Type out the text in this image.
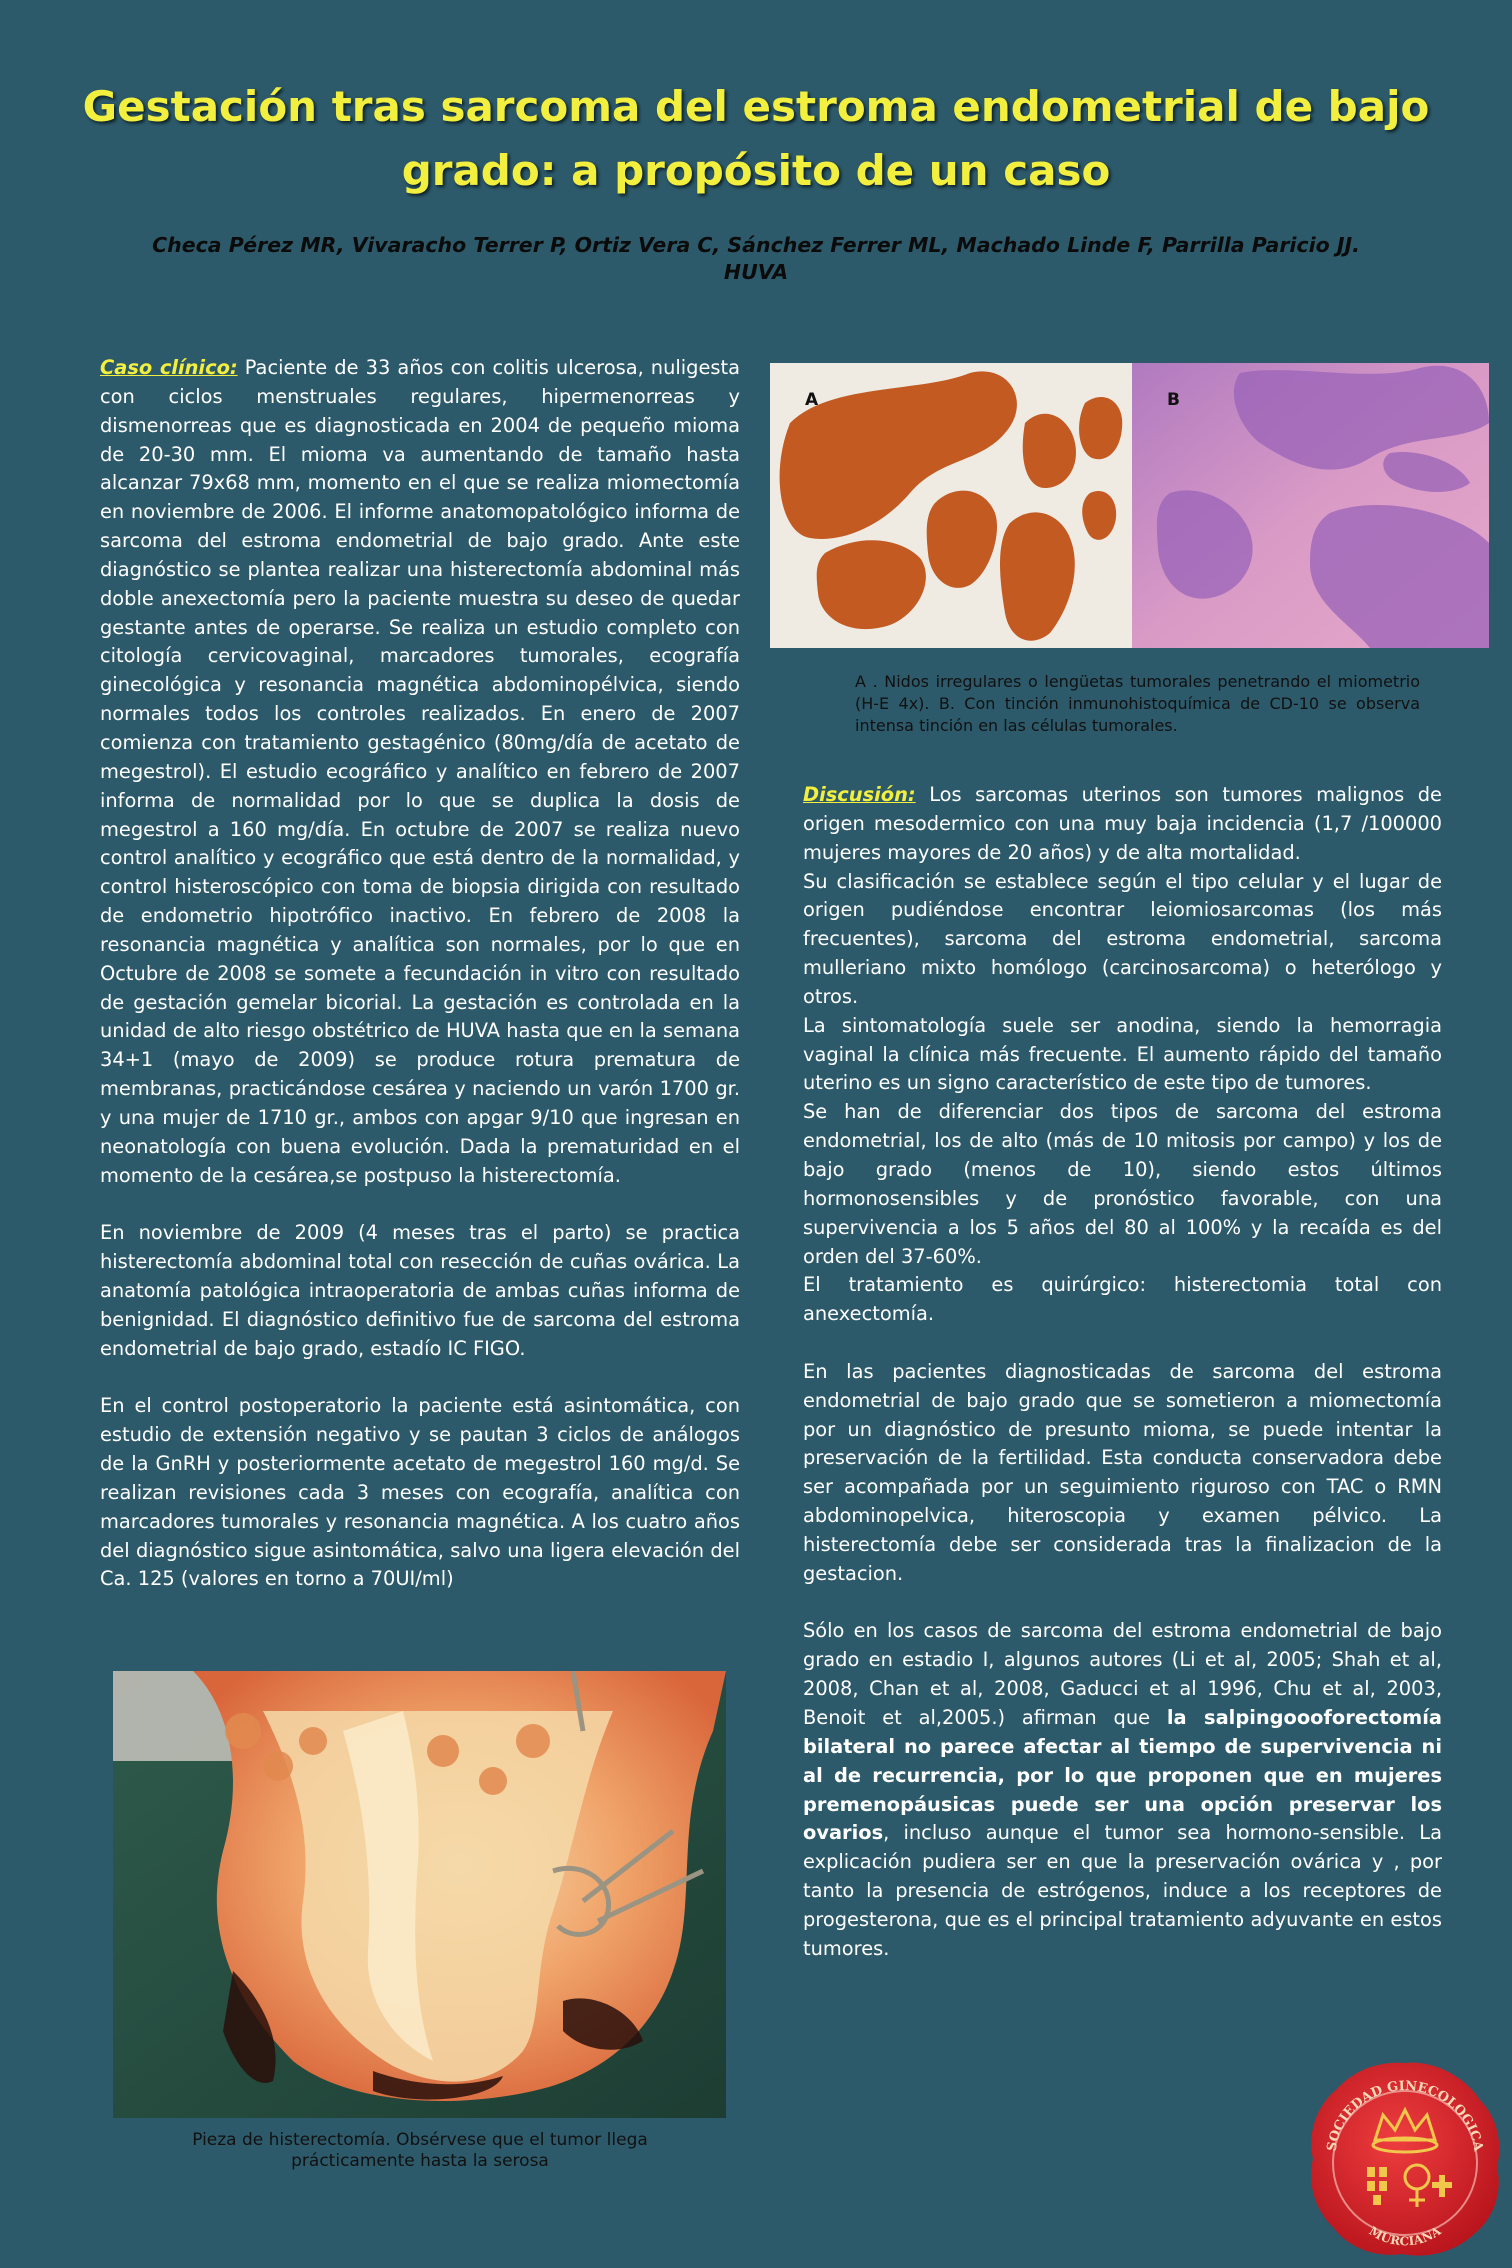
Gestación tras sarcoma del estroma endometrial de bajo grado: a propósito de un caso
Checa Pérez MR, Vivaracho Terrer P, Ortiz Vera C, Sánchez Ferrer ML, Machado Linde F, Parrilla Paricio JJ.
HUVA

Caso clínico: Paciente de 33 años con colitis ulcerosa, nuligesta con ciclos menstruales regulares, hipermenorreas y dismenorreas que es diagnosticada en 2004 de pequeño mioma de 20-30 mm. El mioma va aumentando de tamaño hasta alcanzar 79x68 mm, momento en el que se realiza miomectomía en noviembre de 2006. El informe anatomopatológico informa de sarcoma del estroma endometrial de bajo grado. Ante este diagnóstico se plantea realizar una histerectomía abdominal más doble anexectomía pero la paciente muestra su deseo de quedar gestante antes de operarse. Se realiza un estudio completo con citología cervicovaginal, marcadores tumorales, ecografía ginecológica y resonancia magnética abdominopélvica, siendo normales todos los controles realizados. En enero de 2007 comienza con tratamiento gestagénico (80mg/día de acetato de megestrol). El estudio ecográfico y analítico en febrero de 2007 informa de normalidad por lo que se duplica la dosis de megestrol a 160 mg/día. En octubre de 2007 se realiza nuevo control analítico y ecográfico que está dentro de la normalidad, y control histeroscópico con toma de biopsia dirigida con resultado de endometrio hipotrófico inactivo. En febrero de 2008 la resonancia magnética y analítica son normales, por lo que en Octubre de 2008 se somete a fecundación in vitro con resultado de gestación gemelar bicorial. La gestación es controlada en la unidad de alto riesgo obstétrico de HUVA hasta que en la semana 34+1 (mayo de 2009) se produce rotura prematura de membranas, practicándose cesárea y naciendo un varón 1700 gr. y una mujer de 1710 gr., ambos con apgar 9/10 que ingresan en neonatología con buena evolución. Dada la prematuridad en el momento de la cesárea,se postpuso la histerectomía.

En noviembre de 2009 (4 meses tras el parto) se practica histerectomía abdominal total con resección de cuñas ovárica. La anatomía patológica intraoperatoria de ambas cuñas informa de benignidad. El diagnóstico definitivo fue de sarcoma del estroma endometrial de bajo grado, estadío IC FIGO.

En el control postoperatorio la paciente está asintomática, con estudio de extensión negativo y se pautan 3 ciclos de análogos de la GnRH y posteriormente acetato de megestrol 160 mg/d. Se realizan revisiones cada 3 meses con ecografía, analítica con marcadores tumorales y resonancia magnética. A los cuatro años del diagnóstico sigue asintomática, salvo una ligera elevación del Ca. 125 (valores en torno a 70UI/ml)

A	B
A . Nidos irregulares o lengüetas tumorales penetrando el miometrio (H-E 4x). B. Con tinción inmunohistoquímica de CD-10 se observa intensa tinción en las células tumorales.

Discusión: Los sarcomas uterinos son tumores malignos de origen mesodermico con una muy baja incidencia (1,7 /100000 mujeres mayores de 20 años) y de alta mortalidad.

Su clasificación se establece según el tipo celular y el lugar de origen pudiéndose encontrar leiomiosarcomas (los más frecuentes), sarcoma del estroma endometrial, sarcoma mulleriano mixto homólogo (carcinosarcoma) o heterólogo y otros.

La sintomatología suele ser anodina, siendo la hemorragia vaginal la clínica más frecuente. El aumento rápido del tamaño uterino es un signo característico de este tipo de tumores.

Se han de diferenciar dos tipos de sarcoma del estroma endometrial, los de alto (más de 10 mitosis por campo) y los de bajo grado (menos de 10), siendo estos últimos hormonosensibles y de pronóstico favorable, con una supervivencia a los 5 años del 80 al 100% y la recaída es del orden del 37-60%.

El tratamiento es quirúrgico: histerectomia total con anexectomía.

En las pacientes diagnosticadas de sarcoma del estroma endometrial de bajo grado que se sometieron a miomectomía por un diagnóstico de presunto mioma, se puede intentar la preservación de la fertilidad. Esta conducta conservadora debe ser acompañada por un seguimiento riguroso con TAC o RMN abdominopelvica, hiteroscopia y examen pélvico. La histerectomía debe ser considerada tras la finalizacion de la gestacion.

Sólo en los casos de sarcoma del estroma endometrial de bajo grado en estadio I, algunos autores (Li et al, 2005; Shah et al, 2008, Chan et al, 2008, Gaducci et al 1996, Chu et al, 2003, Benoit et al,2005.) afirman que la salpingoooforectomía bilateral no parece afectar al tiempo de supervivencia ni al de recurrencia, por lo que proponen que en mujeres premenopáusicas puede ser una opción preservar los ovarios, incluso aunque el tumor sea hormono-sensible. La explicación pudiera ser en que la preservación ovárica y , por tanto la presencia de estrógenos, induce a los receptores de progesterona, que es el principal tratamiento adyuvante en estos tumores.

Pieza de histerectomía. Obsérvese que el tumor llega prácticamente hasta la serosa
SOCIEDAD GINECOLOGICA
MURCIANA
